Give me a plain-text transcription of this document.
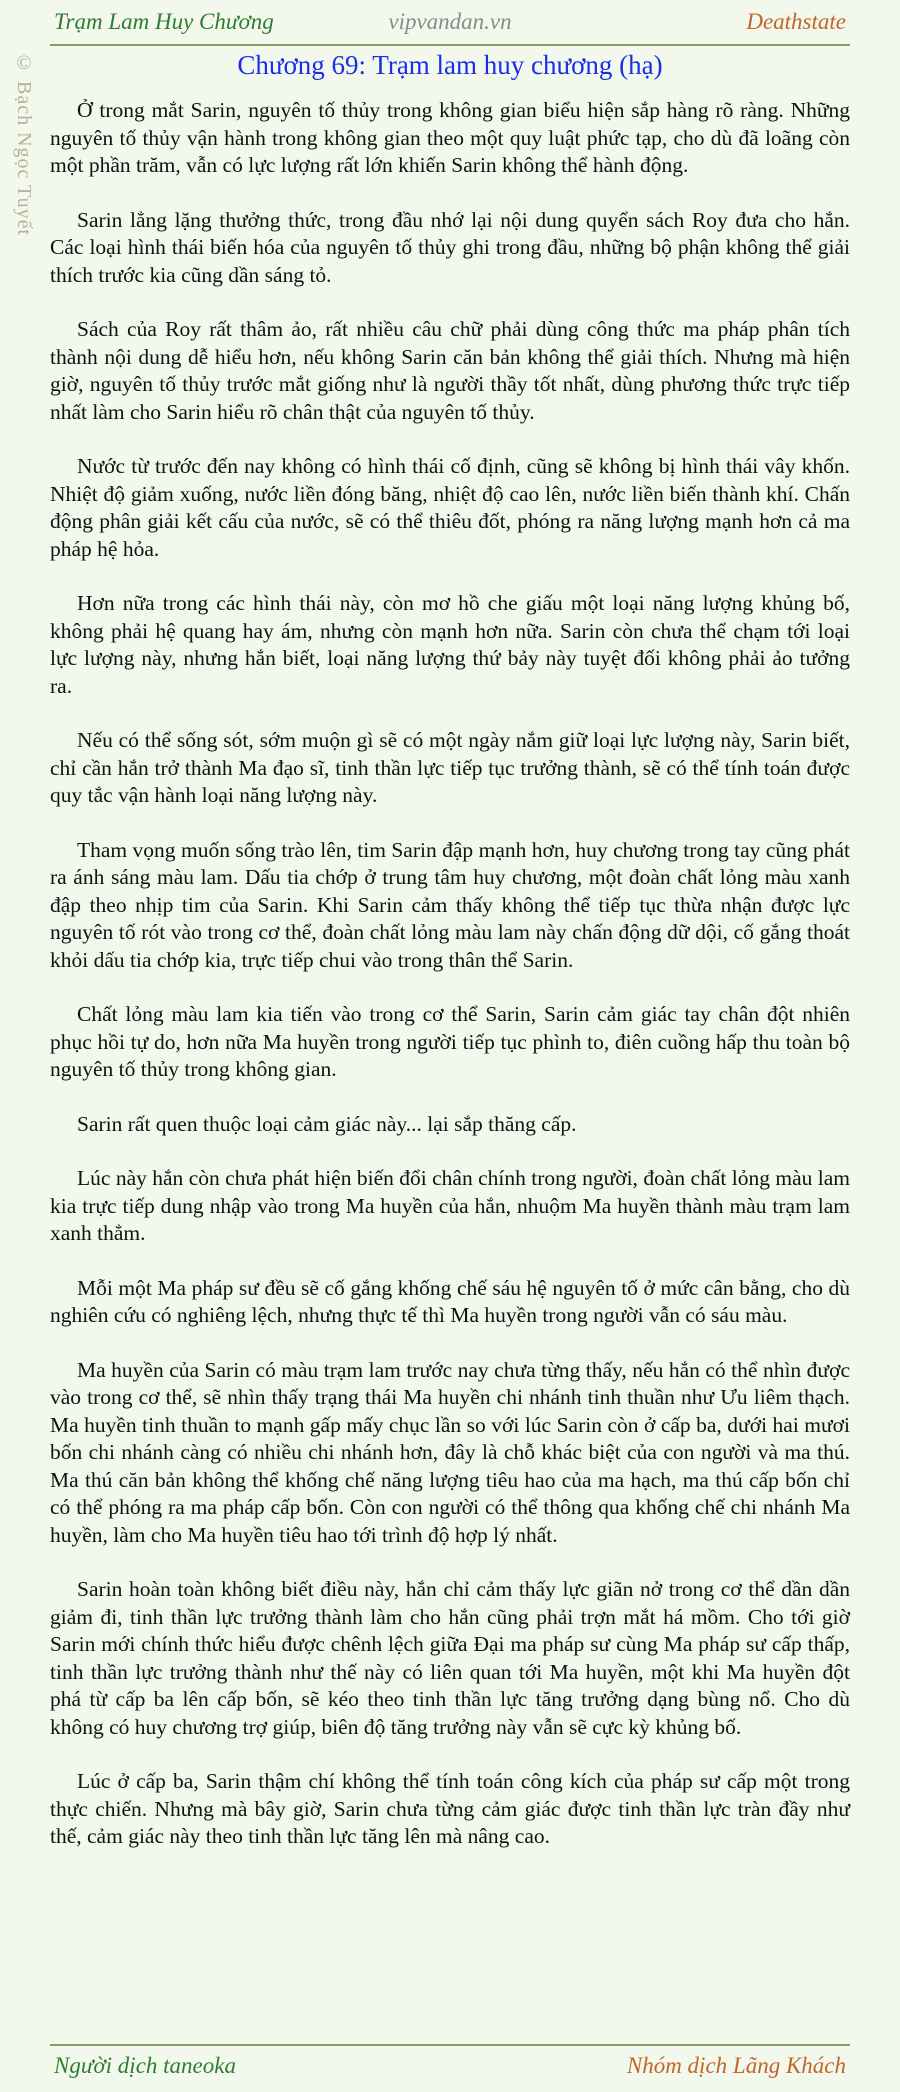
Trạm Lam Huy Chương	vipvandan.vn	Deathstate
© Bạch Ngọc Tuyết	Chương 69: Trạm lam huy chương (hạ)

Ở trong mắt Sarin, nguyên tố thủy trong không gian biểu hiện sắp hàng rõ ràng. Những nguyên tố thủy vận hành trong không gian theo một quy luật phức tạp, cho dù đã loãng còn một phần trăm, vẫn có lực lượng rất lớn khiến Sarin không thể hành động.

Sarin lẳng lặng thưởng thức, trong đầu nhớ lại nội dung quyển sách Roy đưa cho hắn. Các loại hình thái biến hóa của nguyên tố thủy ghi trong đầu, những bộ phận không thể giải thích trước kia cũng dần sáng tỏ.

Sách của Roy rất thâm ảo, rất nhiều câu chữ phải dùng công thức ma pháp phân tích thành nội dung dễ hiểu hơn, nếu không Sarin căn bản không thể giải thích. Nhưng mà hiện giờ, nguyên tố thủy trước mắt giống như là người thầy tốt nhất, dùng phương thức trực tiếp nhất làm cho Sarin hiểu rõ chân thật của nguyên tố thủy.

Nước từ trước đến nay không có hình thái cố định, cũng sẽ không bị hình thái vây khốn. Nhiệt độ giảm xuống, nước liền đóng băng, nhiệt độ cao lên, nước liền biến thành khí. Chấn động phân giải kết cấu của nước, sẽ có thể thiêu đốt, phóng ra năng lượng mạnh hơn cả ma pháp hệ hỏa.

Hơn nữa trong các hình thái này, còn mơ hồ che giấu một loại năng lượng khủng bố, không phải hệ quang hay ám, nhưng còn mạnh hơn nữa. Sarin còn chưa thể chạm tới loại lực lượng này, nhưng hắn biết, loại năng lượng thứ bảy này tuyệt đối không phải ảo tưởng ra.

Nếu có thể sống sót, sớm muộn gì sẽ có một ngày nắm giữ loại lực lượng này, Sarin biết, chỉ cần hắn trở thành Ma đạo sĩ, tinh thần lực tiếp tục trưởng thành, sẽ có thể tính toán được quy tắc vận hành loại năng lượng này.

Tham vọng muốn sống trào lên, tim Sarin đập mạnh hơn, huy chương trong tay cũng phát ra ánh sáng màu lam. Dấu tia chớp ở trung tâm huy chương, một đoàn chất lỏng màu xanh đập theo nhịp tim của Sarin. Khi Sarin cảm thấy không thể tiếp tục thừa nhận được lực nguyên tố rót vào trong cơ thể, đoàn chất lỏng màu lam này chấn động dữ dội, cố gắng thoát khỏi dấu tia chớp kia, trực tiếp chui vào trong thân thể Sarin.

Chất lỏng màu lam kia tiến vào trong cơ thể Sarin, Sarin cảm giác tay chân đột nhiên phục hồi tự do, hơn nữa Ma huyền trong người tiếp tục phình to, điên cuồng hấp thu toàn bộ nguyên tố thủy trong không gian.

Sarin rất quen thuộc loại cảm giác này... lại sắp thăng cấp.

Lúc này hắn còn chưa phát hiện biến đổi chân chính trong người, đoàn chất lỏng màu lam kia trực tiếp dung nhập vào trong Ma huyền của hắn, nhuộm Ma huyền thành màu trạm lam xanh thẳm.

Mỗi một Ma pháp sư đều sẽ cố gắng khống chế sáu hệ nguyên tố ở mức cân bằng, cho dù nghiên cứu có nghiêng lệch, nhưng thực tế thì Ma huyền trong người vẫn có sáu màu.

Ma huyền của Sarin có màu trạm lam trước nay chưa từng thấy, nếu hắn có thể nhìn được vào trong cơ thể, sẽ nhìn thấy trạng thái Ma huyền chi nhánh tinh thuần như Ưu liêm thạch. Ma huyền tinh thuần to mạnh gấp mấy chục lần so với lúc Sarin còn ở cấp ba, dưới hai mươi bốn chi nhánh càng có nhiều chi nhánh hơn, đây là chỗ khác biệt của con người và ma thú. Ma thú căn bản không thể khống chế năng lượng tiêu hao của ma hạch, ma thú cấp bốn chỉ có thể phóng ra ma pháp cấp bốn. Còn con người có thể thông qua khống chế chi nhánh Ma huyền, làm cho Ma huyền tiêu hao tới trình độ hợp lý nhất.

Sarin hoàn toàn không biết điều này, hắn chỉ cảm thấy lực giãn nở trong cơ thể dần dần giảm đi, tinh thần lực trưởng thành làm cho hắn cũng phải trợn mắt há mồm. Cho tới giờ Sarin mới chính thức hiểu được chênh lệch giữa Đại ma pháp sư cùng Ma pháp sư cấp thấp, tinh thần lực trưởng thành như thế này có liên quan tới Ma huyền, một khi Ma huyền đột phá từ cấp ba lên cấp bốn, sẽ kéo theo tinh thần lực tăng trưởng dạng bùng nổ. Cho dù không có huy chương trợ giúp, biên độ tăng trưởng này vẫn sẽ cực kỳ khủng bố.

Lúc ở cấp ba, Sarin thậm chí không thể tính toán công kích của pháp sư cấp một trong thực chiến. Nhưng mà bây giờ, Sarin chưa từng cảm giác được tinh thần lực tràn đầy như thế, cảm giác này theo tinh thần lực tăng lên mà nâng cao.

Người dịch taneoka	Nhóm dịch Lãng Khách
